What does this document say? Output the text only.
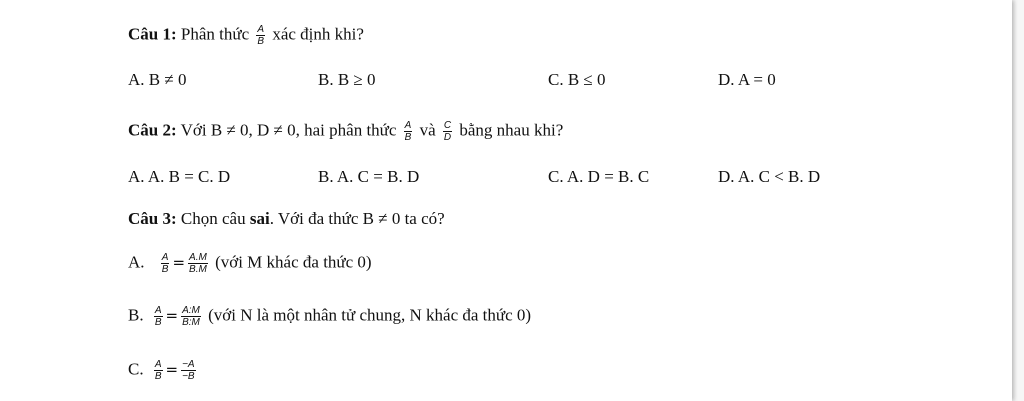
Câu 1: Phân thức $\frac{A}{B}$ xác định khi?
A. B ≠ 0	B. B ≥ 0	C. B ≤ 0	D. A = 0
Câu 2: Với B ≠ 0, D ≠ 0, hai phân thức $\frac{A}{B}$ và $\frac{C}{D}$ bằng nhau khi?
A. A. B = C. D	B. A. C = B. D	C. A. D = B. C	D. A. C < B. D
Câu 3: Chọn câu sai. Với đa thức B ≠ 0 ta có?
A. $\frac{A}{B} = \frac{A.M}{B.M}$ (với M khác đa thức 0)
B. $\frac{A}{B} = \frac{A:M}{B:M}$ (với N là một nhân tử chung, N khác đa thức 0)
C. $\frac{A}{B} = \frac{-A}{-B}$
